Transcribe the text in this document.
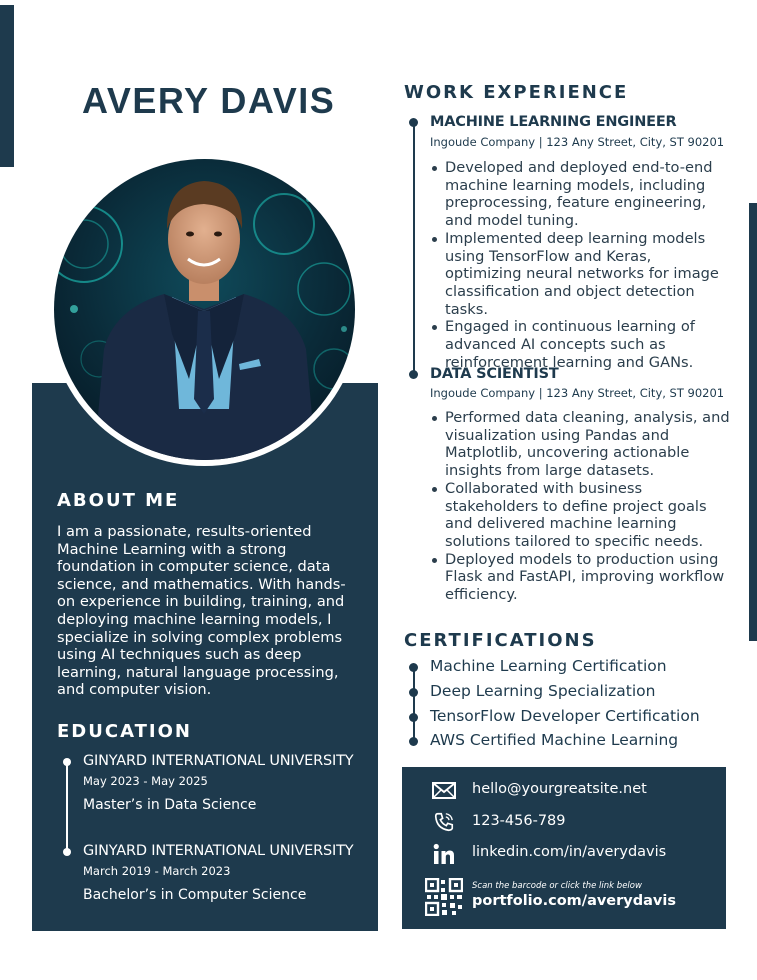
AVERY DAVIS
ABOUT ME

I am a passionate, results-oriented Machine Learning with a strong foundation in computer science, data science, and mathematics. With hands-on experience in building, training, and deploying machine learning models, I specialize in solving complex problems using AI techniques such as deep learning, natural language processing, and computer vision.

EDUCATION
GINYARD INTERNATIONAL UNIVERSITY
May 2023 - May 2025
Master’s in Data Science
GINYARD INTERNATIONAL UNIVERSITY
March 2019 - March 2023
Bachelor’s in Computer Science
WORK EXPERIENCE
MACHINE LEARNING ENGINEER
Ingoude Company | 123 Any Street, City, ST 90201
Developed and deployed end-to-end machine learning models, including preprocessing, feature engineering, and model tuning.
Implemented deep learning models using TensorFlow and Keras, optimizing neural networks for image classification and object detection tasks.
Engaged in continuous learning of advanced AI concepts such as reinforcement learning and GANs.
DATA SCIENTIST
Ingoude Company | 123 Any Street, City, ST 90201
Performed data cleaning, analysis, and visualization using Pandas and Matplotlib, uncovering actionable insights from large datasets.
Collaborated with business stakeholders to define project goals and delivered machine learning solutions tailored to specific needs.
Deployed models to production using Flask and FastAPI, improving workflow efficiency.
CERTIFICATIONS
Machine Learning Certification
Deep Learning Specialization
TensorFlow Developer Certification
AWS Certified Machine Learning
hello@yourgreatsite.net
123-456-789
linkedin.com/in/averydavis
Scan the barcode or click the link below
portfolio.com/averydavis
